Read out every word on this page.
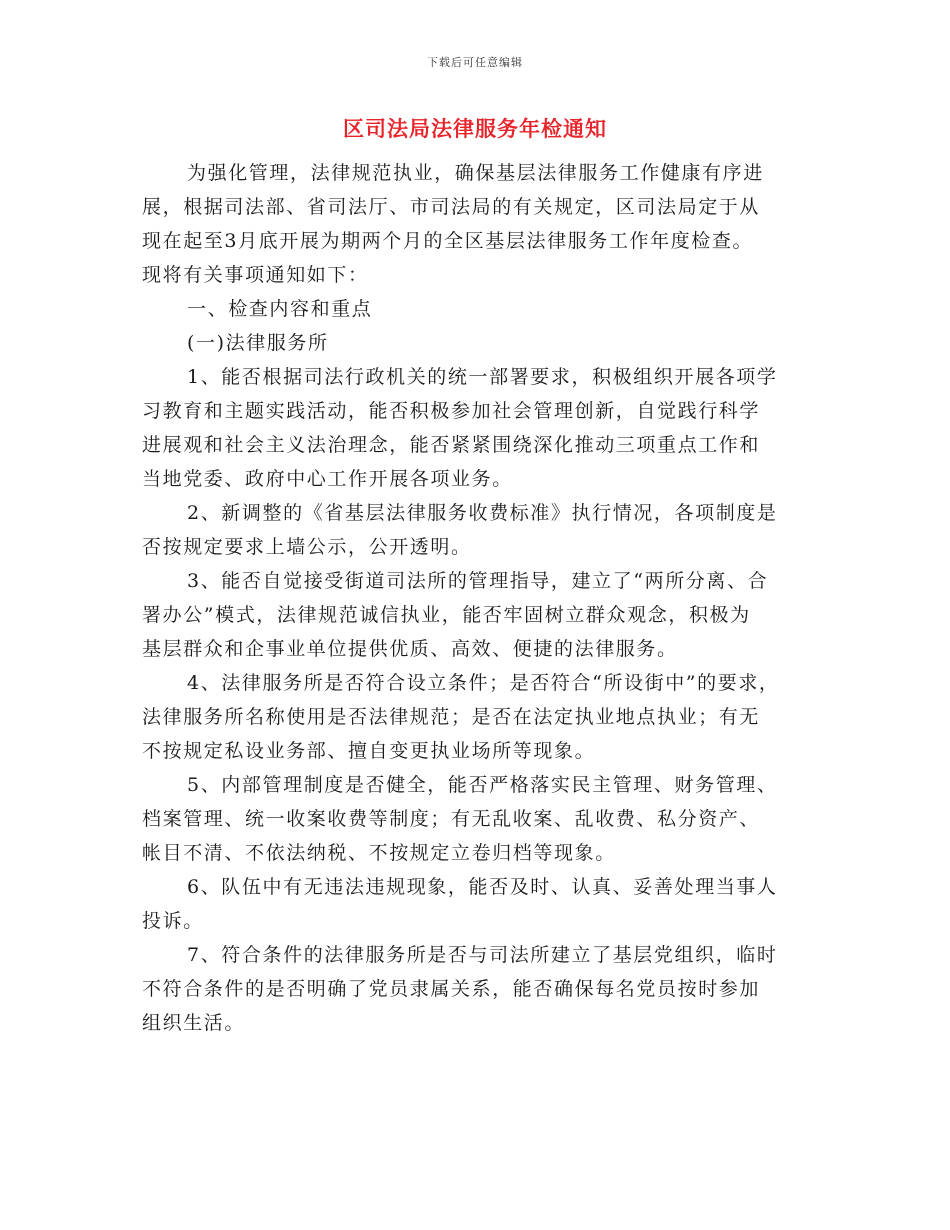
下载后可任意编辑
区司法局法律服务年检通知
为强化管理，法律规范执业，确保基层法律服务工作健康有序进
展，根据司法部、省司法厅、市司法局的有关规定，区司法局定于从
现在起至3月底开展为期两个月的全区基层法律服务工作年度检查。
现将有关事项通知如下：
一、检查内容和重点
(一)法律服务所
1、能否根据司法行政机关的统一部署要求，积极组织开展各项学
习教育和主题实践活动，能否积极参加社会管理创新，自觉践行科学
进展观和社会主义法治理念，能否紧紧围绕深化推动三项重点工作和
当地党委、政府中心工作开展各项业务。
2、新调整的《省基层法律服务收费标准》执行情况，各项制度是
否按规定要求上墙公示，公开透明。
3、能否自觉接受街道司法所的管理指导，建立了“两所分离、合
署办公”模式，法律规范诚信执业，能否牢固树立群众观念，积极为
基层群众和企事业单位提供优质、高效、便捷的法律服务。
4、法律服务所是否符合设立条件；是否符合“所设街中”的要求，
法律服务所名称使用是否法律规范；是否在法定执业地点执业；有无
不按规定私设业务部、擅自变更执业场所等现象。
5、内部管理制度是否健全，能否严格落实民主管理、财务管理、
档案管理、统一收案收费等制度；有无乱收案、乱收费、私分资产、
帐目不清、不依法纳税、不按规定立卷归档等现象。
6、队伍中有无违法违规现象，能否及时、认真、妥善处理当事人
投诉。
7、符合条件的法律服务所是否与司法所建立了基层党组织，临时
不符合条件的是否明确了党员隶属关系，能否确保每名党员按时参加
组织生活。
